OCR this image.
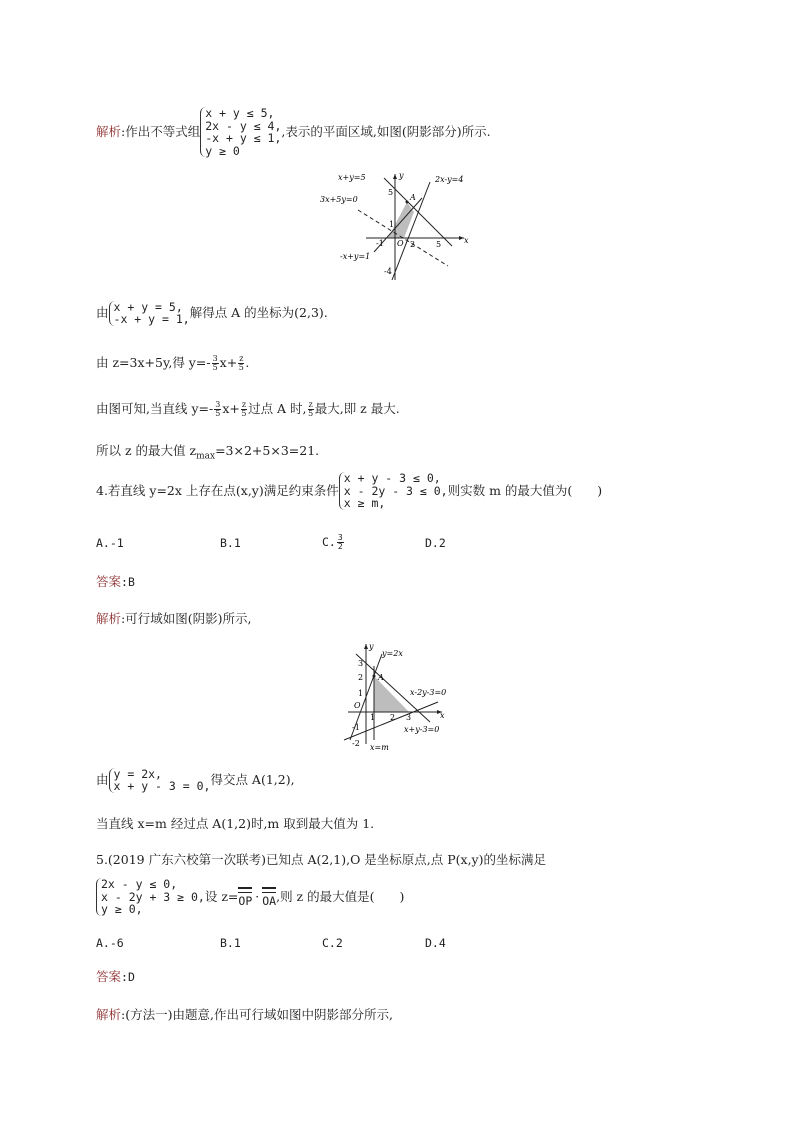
解析 :作出不等式组
x + y ≤ 5,
2x - y ≤ 4,
-x + y ≤ 1,
y ≥ 0
,表示的平面区域,如图(阴影部分)所示.
x+y=5	y	2x-y=4
5
A
3x+5y=0
1
-1 O 2	5	x
-x+y=1
-4
由 x + y = 5,
-x + y = 1, 解得点 A 的坐标为(2,3).
由 z=3x+5y,得 $y=- \frac{3}{5} x+ \frac{z}{5}$ .
由图可知,当直线 $y=- \frac{3}{5} x+ \frac{z}{5}$ 过点 A 时, $\frac{z}{5}$ 最大,即 z 最大.
所以 z 的最大值 $z_{max}=3\times 2+5\times 3=21$.
4.若直线 y=2x 上存在点(x,y)满足约束条件
x + y - 3 ≤ 0,
x - 2y - 3 ≤ 0,
x ≥ m,
则实数 m 的最大值为(　　)
A.-1	B.1	C. $\frac{3}{2}$	D.2
答案:B
解析:可行域如图(阴影)所示,
y
y=2x
3
2 A
1
O
1 2 3	x
x-2y-3=0
-1	x+y-3=0
-2 x=m
由 y = 2x,
x + y - 3 = 0, 得交点 A(1,2),
当直线 x=m 经过点 A(1,2)时,m 取到最大值为 1.
5.(2019 广东六校第一次联考)已知点 A(2,1),O 是坐标原点,点 P(x,y)的坐标满足
2x - y ≤ 0,
x - 2y + 3 ≥ 0,
y ≥ 0,
设 z= OP · OA ,则 z 的最大值是(　　)
A.-6	B.1	C.2	D.4
答案:D
解析:(方法一)由题意,作出可行域如图中阴影部分所示,
